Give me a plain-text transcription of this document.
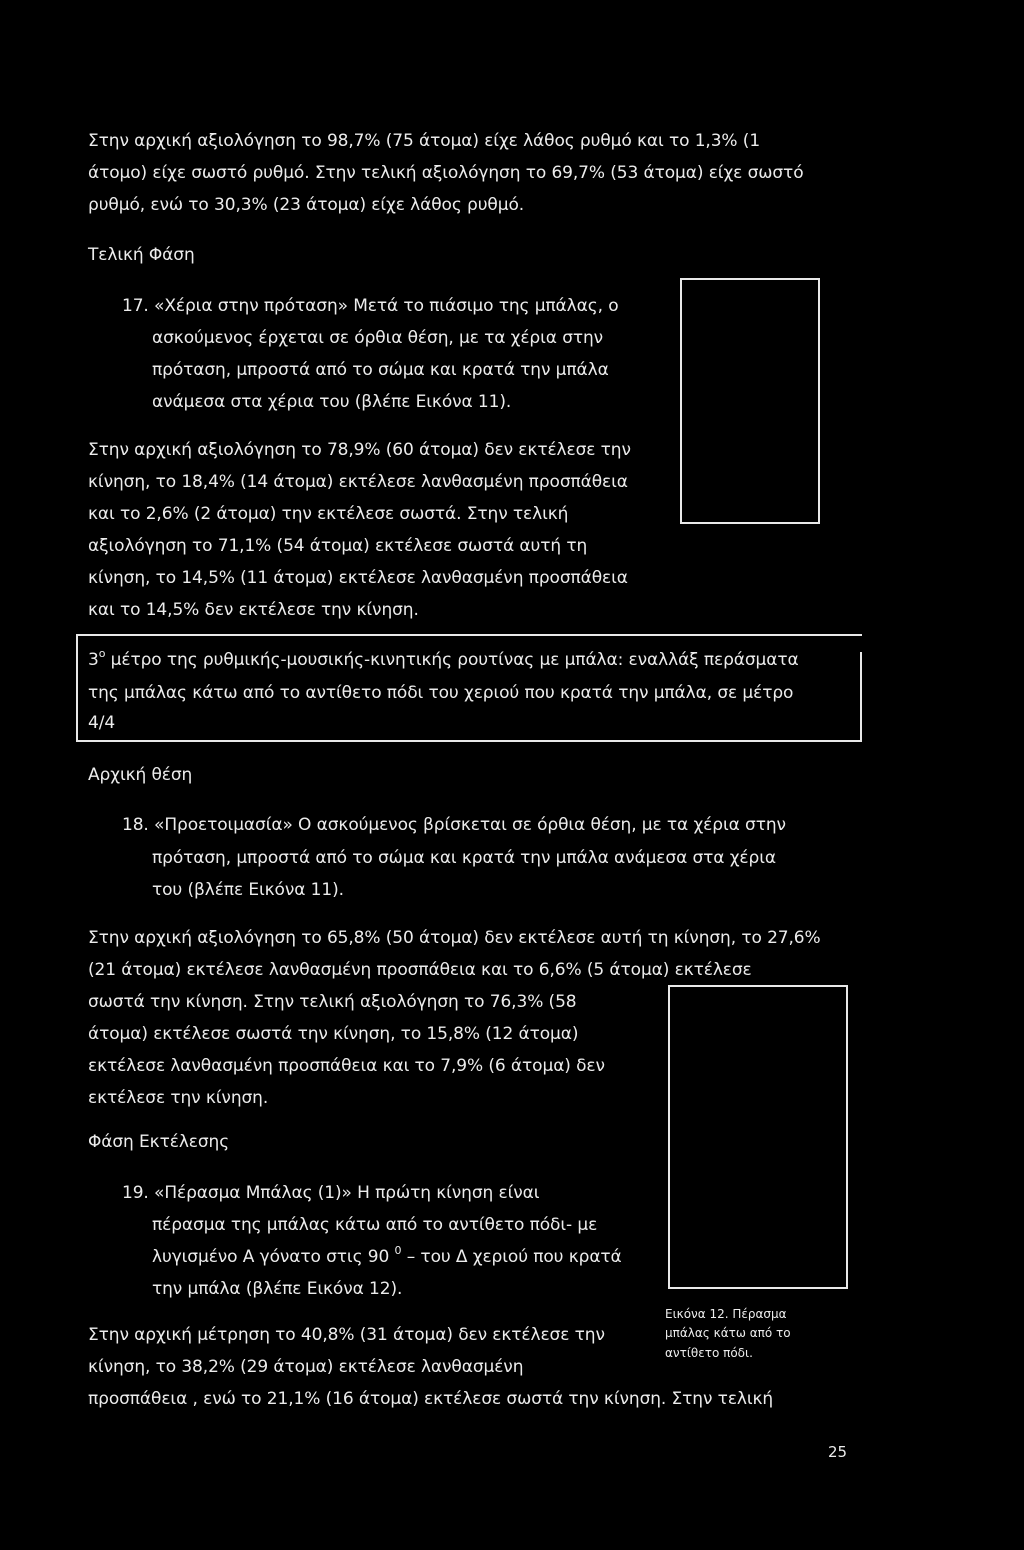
Στην αρχική αξιολόγηση το 98,7% (75 άτομα) είχε λάθος ρυθμό και το 1,3% (1
άτομο) είχε σωστό ρυθμό. Στην τελική αξιολόγηση το 69,7% (53 άτομα) είχε σωστό
ρυθμό, ενώ το 30,3% (23 άτομα) είχε λάθος ρυθμό.
Τελική Φάση
17. «Χέρια στην πρόταση» Μετά το πιάσιμο της μπάλας, ο
ασκούμενος έρχεται σε όρθια θέση, με τα χέρια στην
πρόταση, μπροστά από το σώμα και κρατά την μπάλα
ανάμεσα στα χέρια του (βλέπε Εικόνα 11).
Στην αρχική αξιολόγηση το 78,9% (60 άτομα) δεν εκτέλεσε την
κίνηση, το 18,4% (14 άτομα) εκτέλεσε λανθασμένη προσπάθεια
και το 2,6% (2 άτομα) την εκτέλεσε σωστά. Στην τελική
αξιολόγηση το 71,1% (54 άτομα) εκτέλεσε σωστά αυτή τη
κίνηση, το 14,5% (11 άτομα) εκτέλεσε λανθασμένη προσπάθεια
και το 14,5% δεν εκτέλεσε την κίνηση.
$3^o$ μέτρο της ρυθμικής-μουσικής-κινητικής ρουτίνας με μπάλα: εναλλάξ περάσματα
της μπάλας κάτω από το αντίθετο πόδι του χεριού που κρατά την μπάλα, σε μέτρο
4/4
Αρχική θέση
18. «Προετοιμασία» Ο ασκούμενος βρίσκεται σε όρθια θέση, με τα χέρια στην
πρόταση, μπροστά από το σώμα και κρατά την μπάλα ανάμεσα στα χέρια
του (βλέπε Εικόνα 11).
Στην αρχική αξιολόγηση το 65,8% (50 άτομα) δεν εκτέλεσε αυτή τη κίνηση, το 27,6%
(21 άτομα) εκτέλεσε λανθασμένη προσπάθεια και το 6,6% (5 άτομα) εκτέλεσε
σωστά την κίνηση. Στην τελική αξιολόγηση το 76,3% (58
άτομα) εκτέλεσε σωστά την κίνηση, το 15,8% (12 άτομα)
εκτέλεσε λανθασμένη προσπάθεια και το 7,9% (6 άτομα) δεν
εκτέλεσε την κίνηση.
Φάση Εκτέλεσης
19. «Πέρασμα Μπάλας (1)» Η πρώτη κίνηση είναι
πέρασμα της μπάλας κάτω από το αντίθετο πόδι- με
λυγισμένο Α γόνατο στις 90 $^0$ – του Δ χεριού που κρατά
την μπάλα (βλέπε Εικόνα 12).
Εικόνα 12. Πέρασμα
μπάλας κάτω από το
αντίθετο πόδι.
Στην αρχική μέτρηση το 40,8% (31 άτομα) δεν εκτέλεσε την
κίνηση, το 38,2% (29 άτομα) εκτέλεσε λανθασμένη
προσπάθεια , ενώ το 21,1% (16 άτομα) εκτέλεσε σωστά την κίνηση. Στην τελική
25
